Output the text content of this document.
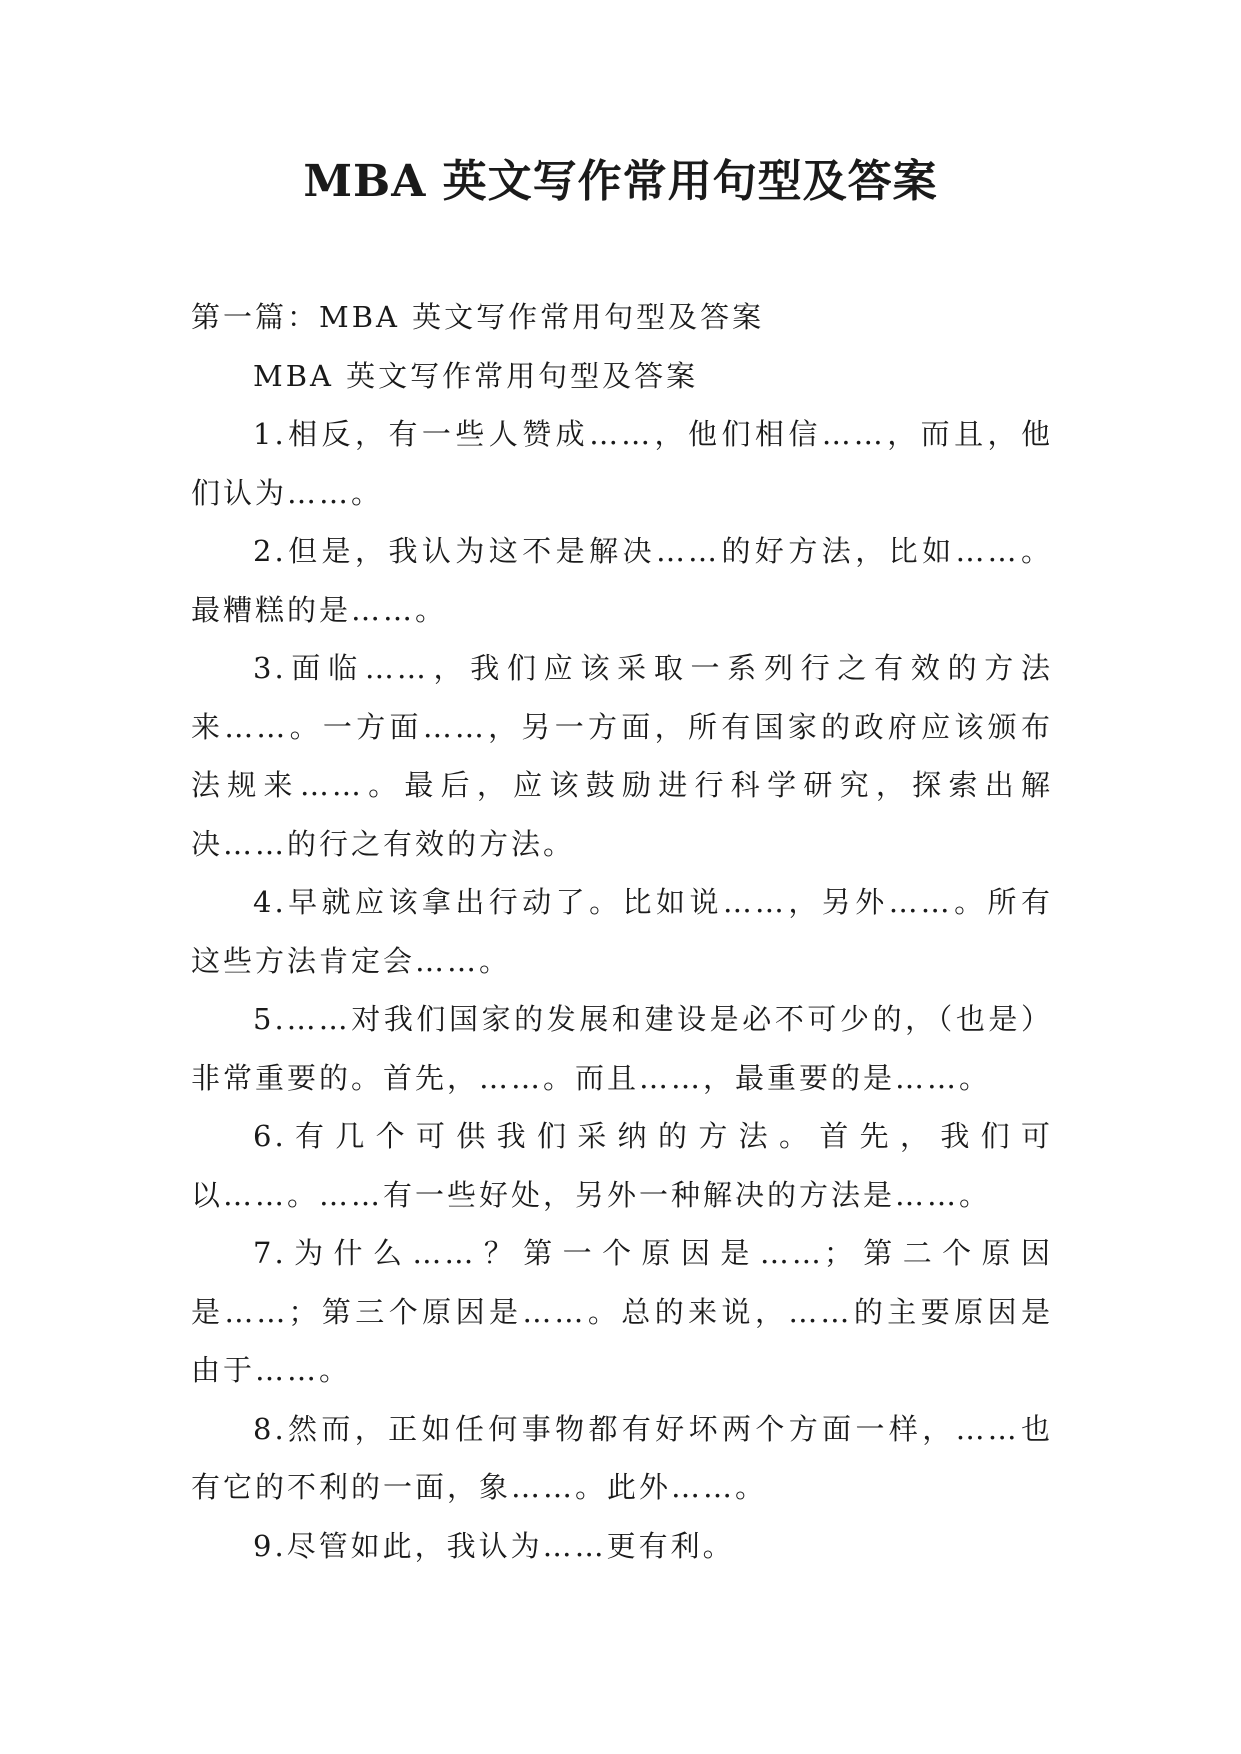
MBA 英文写作常用句型及答案

第一篇：MBA 英文写作常用句型及答案

MBA 英文写作常用句型及答案

1.相反，有一些人赞成……，他们相信……，而且，他们认为……。

2.但是，我认为这不是解决……的好方法，比如……。最糟糕的是……。

3.面临……，我们应该采取一系列行之有效的方法来……。一方面……，另一方面，所有国家的政府应该颁布法规来……。最后，应该鼓励进行科学研究，探索出解决……的行之有效的方法。

4.早就应该拿出行动了。比如说……，另外……。所有这些方法肯定会……。

5.……对我们国家的发展和建设是必不可少的，（也是）非常重要的。首先，……。而且……，最重要的是……。

6.有几个可供我们采纳的方法。首先，我们可以……。……有一些好处，另外一种解决的方法是……。

7.为什么……？第一个原因是……；第二个原因是……；第三个原因是……。总的来说，……的主要原因是由于……。

8.然而，正如任何事物都有好坏两个方面一样，……也有它的不利的一面，象……。此外……。

9.尽管如此，我认为……更有利。
